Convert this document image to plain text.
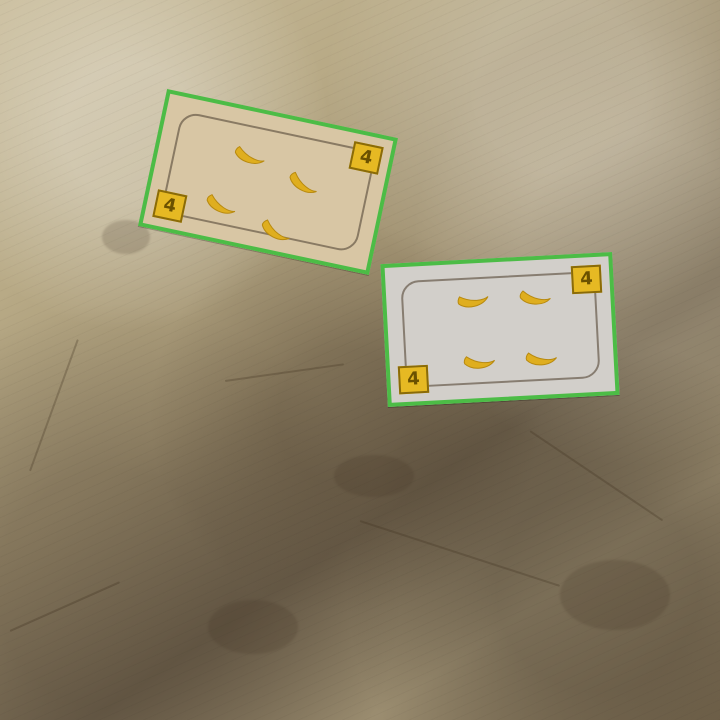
4
4
4
4
